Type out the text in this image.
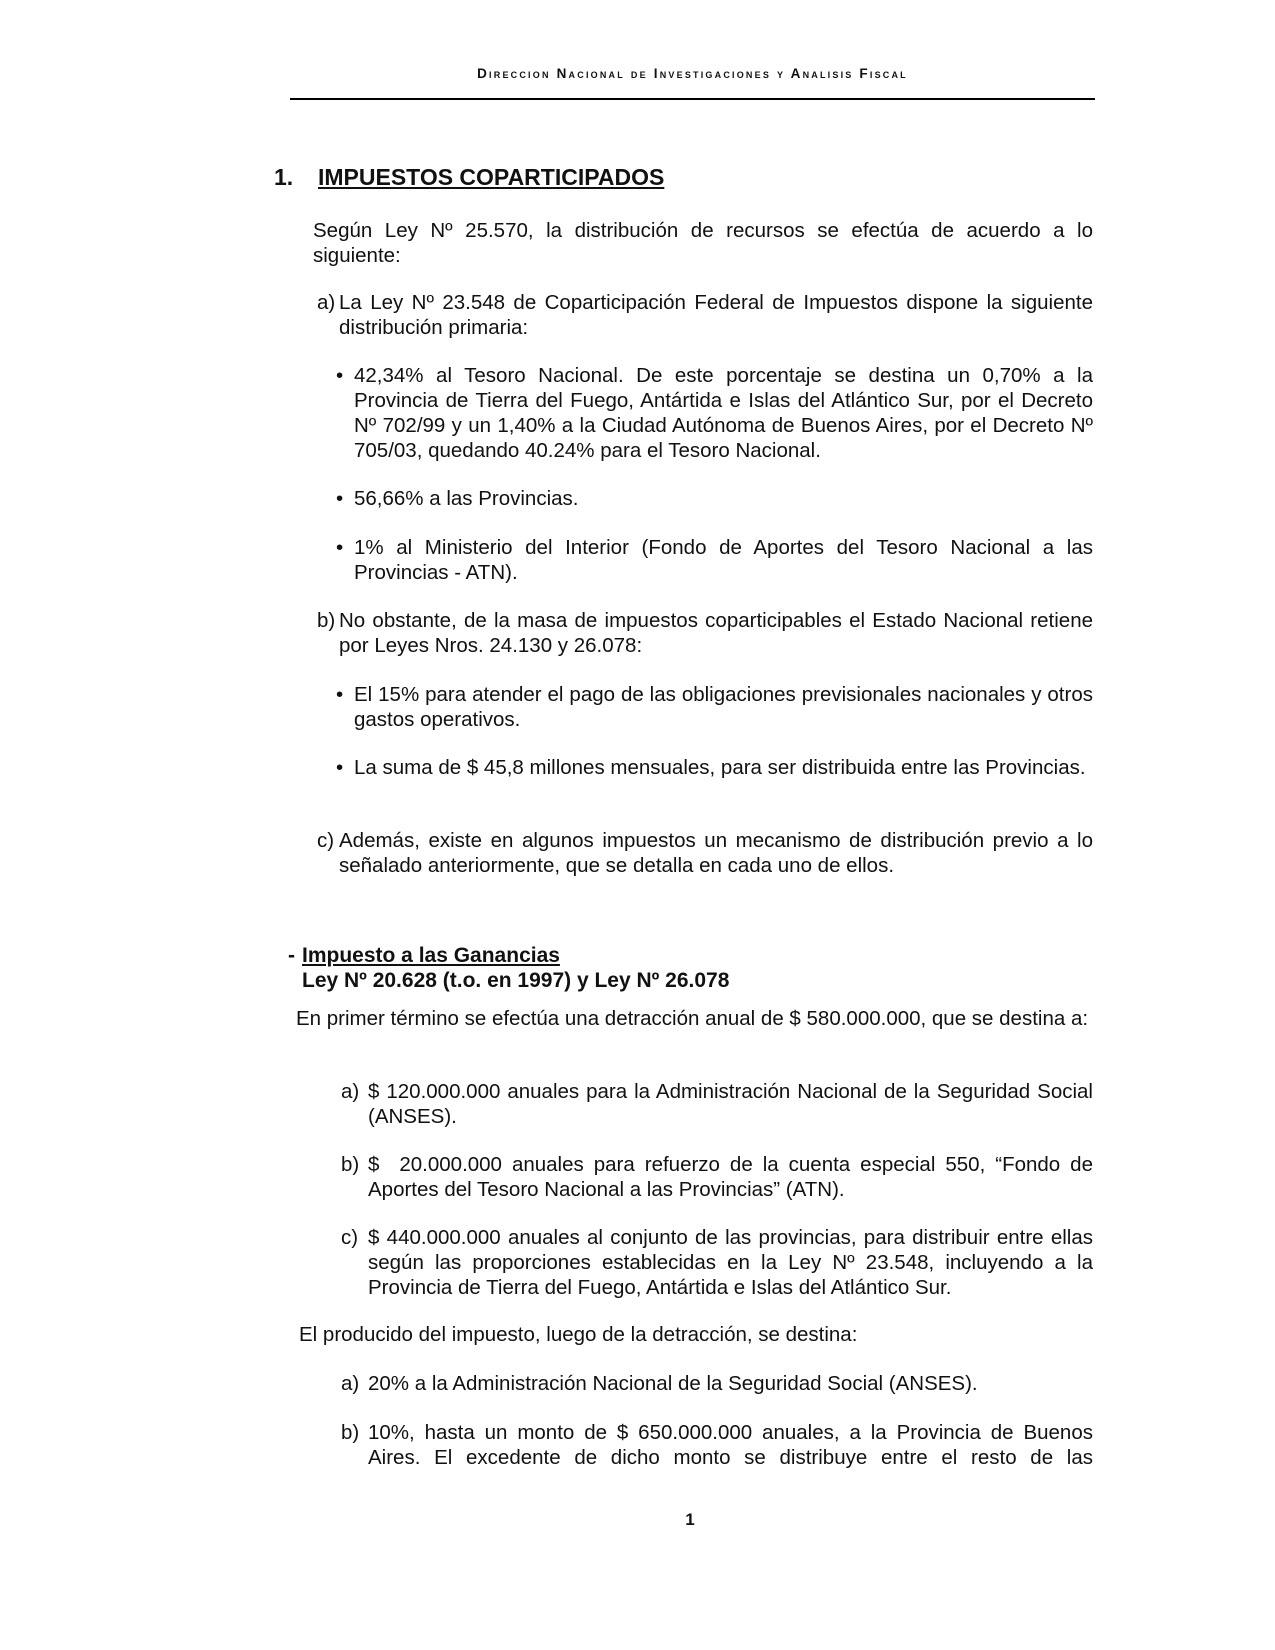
Direccion Nacional de Investigaciones y Analisis Fiscal
1. IMPUESTOS COPARTICIPADOS

Según Ley Nº 25.570, la distribución de recursos se efectúa de acuerdo a lo siguiente:

a) La Ley Nº 23.548 de Coparticipación Federal de Impuestos dispone la siguiente distribución primaria:
• 42,34% al Tesoro Nacional. De este porcentaje se destina un 0,70% a la Provincia de Tierra del Fuego, Antártida e Islas del Atlántico Sur, por el Decreto Nº 702/99 y un 1,40% a la Ciudad Autónoma de Buenos Aires, por el Decreto Nº 705/03, quedando 40.24% para el Tesoro Nacional.
• 56,66% a las Provincias.
• 1% al Ministerio del Interior (Fondo de Aportes del Tesoro Nacional a las Provincias - ATN).
b) No obstante, de la masa de impuestos coparticipables el Estado Nacional retiene por Leyes Nros. 24.130 y 26.078:
• El 15% para atender el pago de las obligaciones previsionales nacionales y otros gastos operativos.
• La suma de $ 45,8 millones mensuales, para ser distribuida entre las Provincias.
c) Además, existe en algunos impuestos un mecanismo de distribución previo a lo señalado anteriormente, que se detalla en cada uno de ellos.
- Impuesto a las Ganancias
Ley Nº 20.628 (t.o. en 1997) y Ley Nº 26.078

En primer término se efectúa una detracción anual de $ 580.000.000, que se destina a:

a) $ 120.000.000 anuales para la Administración Nacional de la Seguridad Social (ANSES).
b) $  20.000.000 anuales para refuerzo de la cuenta especial 550, “Fondo de Aportes del Tesoro Nacional a las Provincias” (ATN).
c) $ 440.000.000 anuales al conjunto de las provincias, para distribuir entre ellas según las proporciones establecidas en la Ley Nº 23.548, incluyendo a la Provincia de Tierra del Fuego, Antártida e Islas del Atlántico Sur.

El producido del impuesto, luego de la detracción, se destina:

a) 20% a la Administración Nacional de la Seguridad Social (ANSES).
b) 10%, hasta un monto de $ 650.000.000 anuales, a la Provincia de Buenos Aires. El excedente de dicho monto se distribuye entre el resto de las
1
